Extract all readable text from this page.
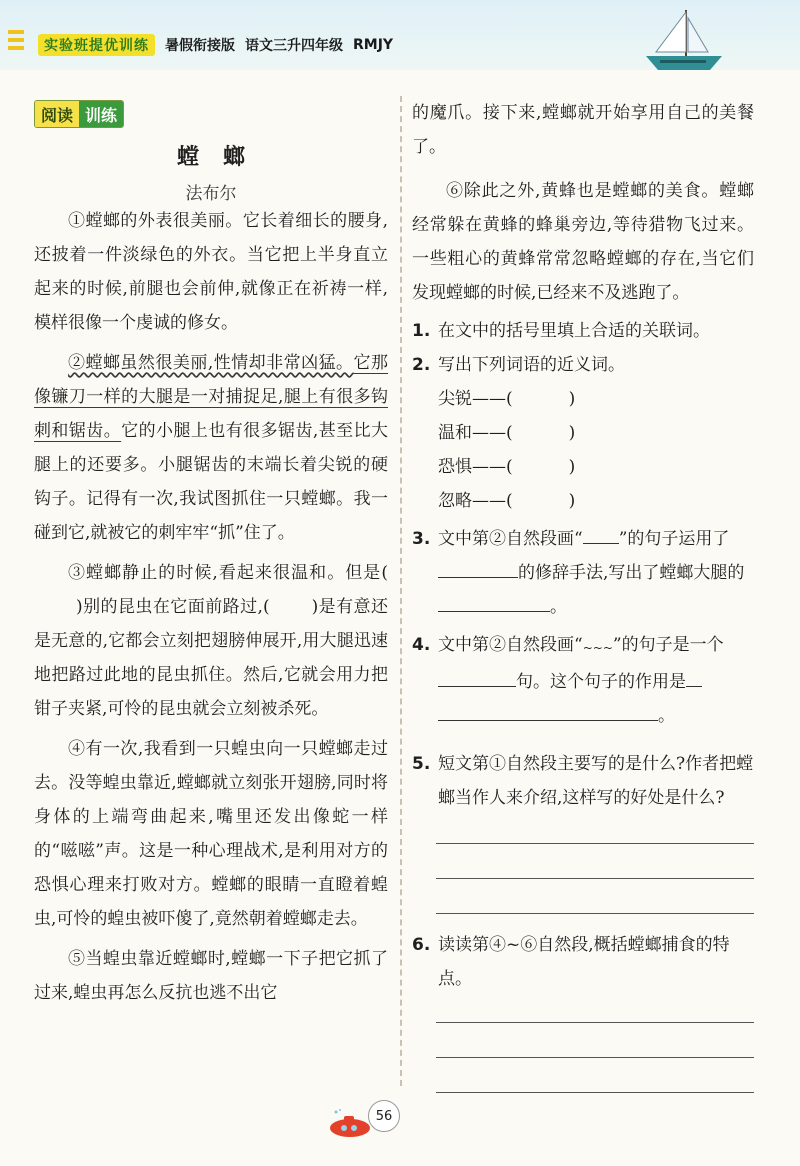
实验班提优训练	暑假衔接版 语文三升四年级 RMJY
阅读 训练
螳螂
法布尔

①螳螂的外表很美丽。它长着细长的腰身,还披着一件淡绿色的外衣。当它把上半身直立起来的时候,前腿也会前伸,就像正在祈祷一样,模样很像一个虔诚的修女。

②螳螂虽然很美丽,性情却非常凶猛。它那像镰刀一样的大腿是一对捕捉足,腿上有很多钩刺和锯齿。它的小腿上也有很多锯齿,甚至比大腿上的还要多。小腿锯齿的末端长着尖锐的硬钩子。记得有一次,我试图抓住一只螳螂。我一碰到它,就被它的刺牢牢“抓”住了。

③螳螂静止的时候,看起来很温和。但是()别的昆虫在它面前路过,( )是有意还是无意的,它都会立刻把翅膀伸展开,用大腿迅速地把路过此地的昆虫抓住。然后,它就会用力把钳子夹紧,可怜的昆虫就会立刻被杀死。

④有一次,我看到一只蝗虫向一只螳螂走过去。没等蝗虫靠近,螳螂就立刻张开翅膀,同时将身体的上端弯曲起来,嘴里还发出像蛇一样的“嗞嗞”声。这是一种心理战术,是利用对方的恐惧心理来打败对方。螳螂的眼睛一直瞪着蝗虫,可怜的蝗虫被吓傻了,竟然朝着螳螂走去。

⑤当蝗虫靠近螳螂时,螳螂一下子把它抓了过来,蝗虫再怎么反抗也逃不出它

的魔爪。接下来,螳螂就开始享用自己的美餐了。

⑥除此之外,黄蜂也是螳螂的美食。螳螂经常躲在黄蜂的蜂巢旁边,等待猎物飞过来。一些粗心的黄蜂常常忽略螳螂的存在,当它们发现螳螂的时候,已经来不及逃跑了。

1. 在文中的括号里填上合适的关联词。

2. 写出下列词语的近义词。

尖锐——(	)
温和——(	)
恐惧——(	)
忽略——(	)

3. 文中第②自然段画“ ”的句子运用了的修辞手法,写出了螳螂大腿的。

4. 文中第②自然段画“~~~”的句子是一个句。这个句子的作用是。

5. 短文第①自然段主要写的是什么?作者把螳螂当作人来介绍,这样写的好处是什么?

6. 读读第④~⑥自然段,概括螳螂捕食的特点。

56
